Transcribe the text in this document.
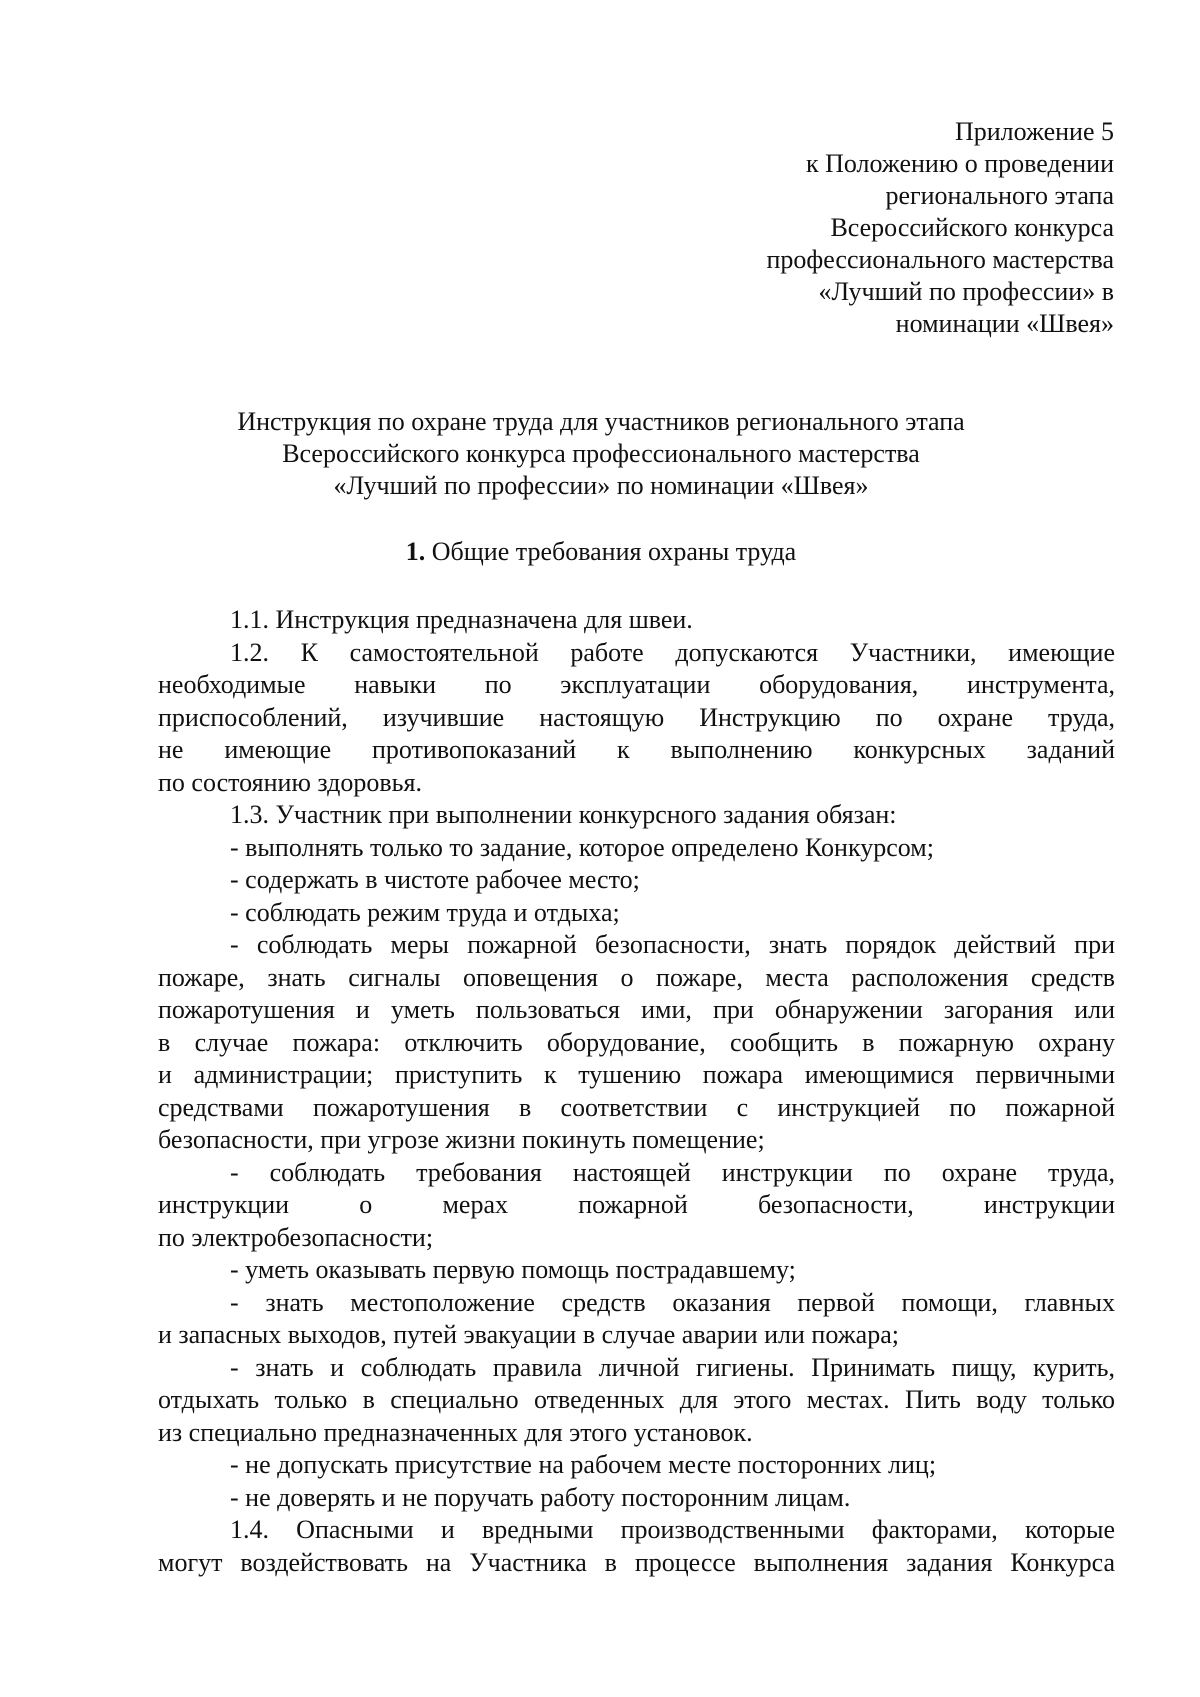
Приложение 5
к Положению о проведении
регионального этапа
Всероссийского конкурса
профессионального мастерства
«Лучший по профессии» в
номинации «Швея»
Инструкция по охране труда для участников регионального этапа
Всероссийского конкурса профессионального мастерства
«Лучший по профессии» по номинации «Швея»
1. Общие требования охраны труда
1.1. Инструкция предназначена для швеи.
1.2. К самостоятельной работе допускаются Участники, имеющие
необходимые навыки по эксплуатации оборудования, инструмента,
приспособлений, изучившие настоящую Инструкцию по охране труда,
не имеющие противопоказаний к выполнению конкурсных заданий
по состоянию здоровья.
1.3. Участник при выполнении конкурсного задания обязан:
- выполнять только то задание, которое определено Конкурсом;
- содержать в чистоте рабочее место;
- соблюдать режим труда и отдыха;
- соблюдать меры пожарной безопасности, знать порядок действий при
пожаре, знать сигналы оповещения о пожаре, места расположения средств
пожаротушения и уметь пользоваться ими, при обнаружении загорания или
в случае пожара: отключить оборудование, сообщить в пожарную охрану
и администрации; приступить к тушению пожара имеющимися первичными
средствами пожаротушения в соответствии с инструкцией по пожарной
безопасности, при угрозе жизни покинуть помещение;
- соблюдать требования настоящей инструкции по охране труда,
инструкции о мерах пожарной безопасности, инструкции
по электробезопасности;
- уметь оказывать первую помощь пострадавшему;
- знать местоположение средств оказания первой помощи, главных
и запасных выходов, путей эвакуации в случае аварии или пожара;
- знать и соблюдать правила личной гигиены. Принимать пищу, курить,
отдыхать только в специально отведенных для этого местах. Пить воду только
из специально предназначенных для этого установок.
- не допускать присутствие на рабочем месте посторонних лиц;
- не доверять и не поручать работу посторонним лицам.
1.4. Опасными и вредными производственными факторами, которые
могут воздействовать на Участника в процессе выполнения задания Конкурса
